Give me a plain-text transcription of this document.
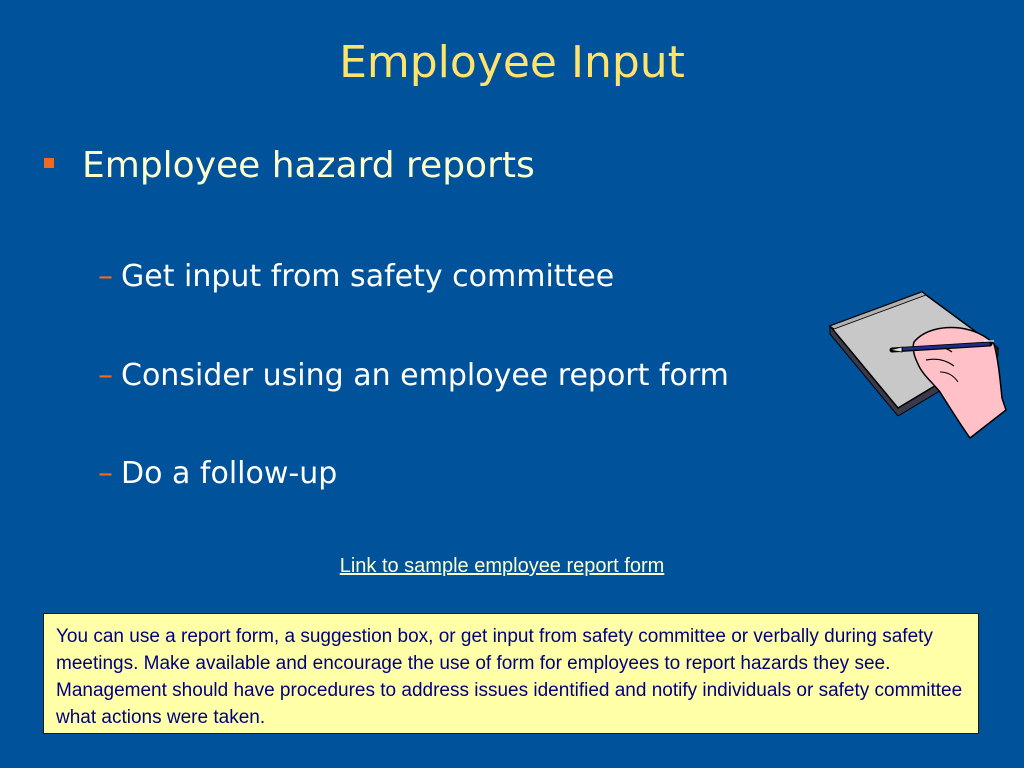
Employee Input
Employee hazard reports
– Get input from safety committee
– Consider using an employee report form
– Do a follow-up
Link to sample employee report form
You can use a report form, a suggestion box, or get input from safety committee or verbally during safety meetings. Make available and encourage the use of form for employees to report hazards they see. Management should have procedures to address issues identified and notify individuals or safety committee what actions were taken.
